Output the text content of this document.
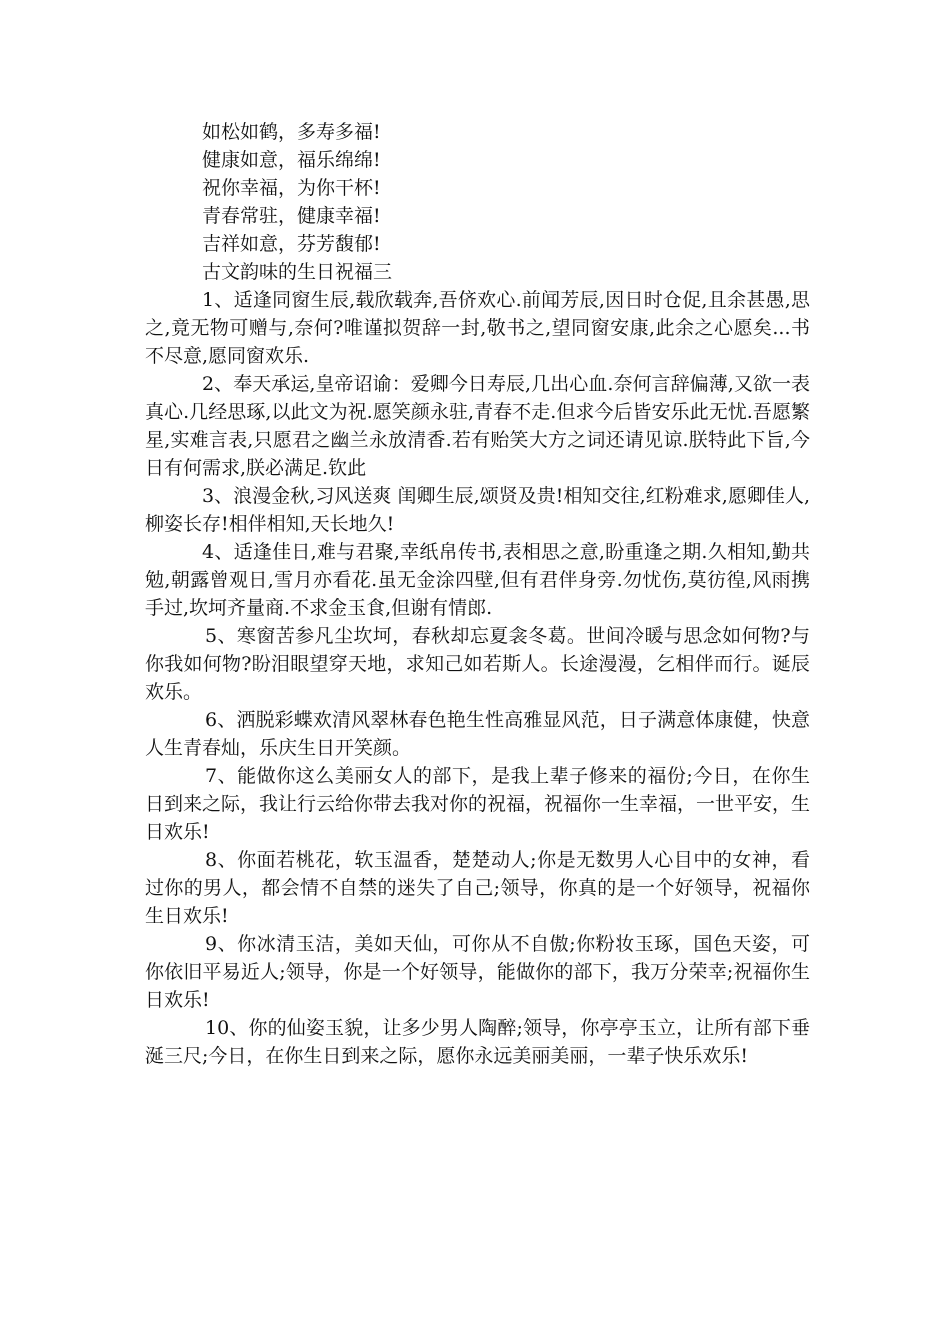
如松如鹤，多寿多福!

健康如意，福乐绵绵!

祝你幸福，为你干杯!

青春常驻，健康幸福!

吉祥如意，芬芳馥郁!

古文韵味的生日祝福三

1、适逢同窗生辰,载欣载奔,吾侪欢心.前闻芳辰,因日时仓促,且余甚愚,思之,竟无物可赠与,奈何?唯谨拟贺辞一封,敬书之,望同窗安康,此余之心愿矣...书不尽意,愿同窗欢乐.

2、奉天承运,皇帝诏谕：爱卿今日寿辰,几出心血.奈何言辞偏薄,又欲一表真心.几经思琢,以此文为祝.愿笑颜永驻,青春不走.但求今后皆安乐此无忧.吾愿繁星,实难言表,只愿君之幽兰永放清香.若有贻笑大方之词还请见谅.朕特此下旨,今日有何需求,朕必满足.钦此

3、浪漫金秋,习风送爽 闺卿生辰,颂贤及贵!相知交往,红粉难求,愿卿佳人,柳姿长存!相伴相知,天长地久!

4、适逢佳日,难与君聚,幸纸帛传书,表相思之意,盼重逢之期.久相知,勤共勉,朝露曾观日,雪月亦看花.虽无金涂四壁,但有君伴身旁.勿忧伤,莫彷徨,风雨携手过,坎坷齐量商.不求金玉食,但谢有情郎.

5、寒窗苦参凡尘坎坷，春秋却忘夏衾冬葛。世间冷暖与思念如何物?与你我如何物?盼泪眼望穿天地，求知己如若斯人。长途漫漫，乞相伴而行。诞辰欢乐。

6、洒脱彩蝶欢清风翠林春色艳生性高雅显风范，日子满意体康健，快意人生青春灿，乐庆生日开笑颜。

7、能做你这么美丽女人的部下，是我上辈子修来的福份;今日，在你生日到来之际，我让行云给你带去我对你的祝福，祝福你一生幸福，一世平安，生日欢乐!

8、你面若桃花，软玉温香，楚楚动人;你是无数男人心目中的女神，看过你的男人，都会情不自禁的迷失了自己;领导，你真的是一个好领导，祝福你生日欢乐!

9、你冰清玉洁，美如天仙，可你从不自傲;你粉妆玉琢，国色天姿，可你依旧平易近人;领导，你是一个好领导，能做你的部下，我万分荣幸;祝福你生日欢乐!

10、你的仙姿玉貌，让多少男人陶醉;领导，你亭亭玉立，让所有部下垂涎三尺;今日，在你生日到来之际，愿你永远美丽美丽，一辈子快乐欢乐!
